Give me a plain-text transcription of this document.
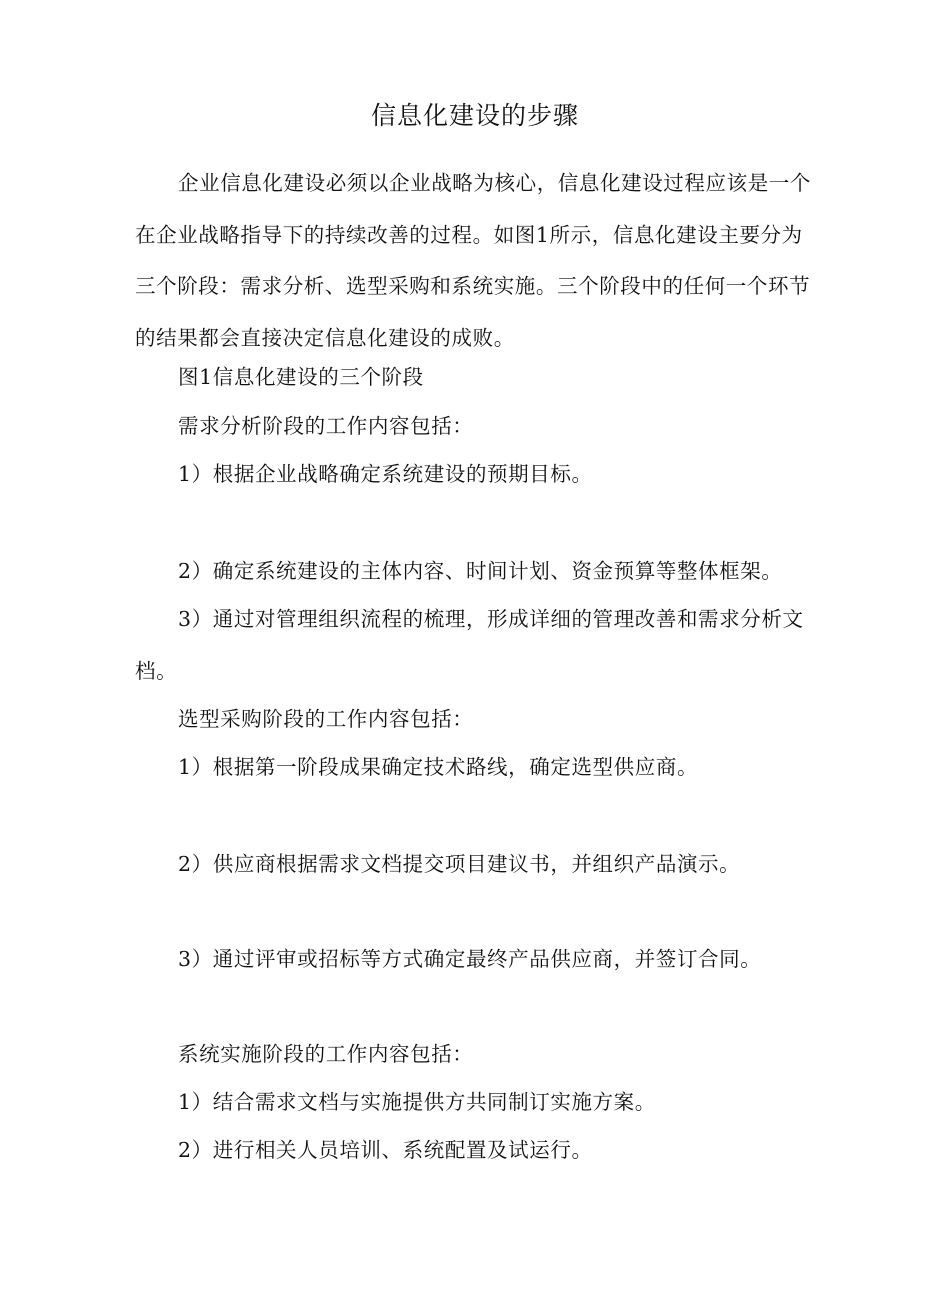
信息化建设的步骤

企业信息化建设必须以企业战略为核心，信息化建设过程应该是一个在企业战略指导下的持续改善的过程。如图1所示，信息化建设主要分为三个阶段：需求分析、选型采购和系统实施。三个阶段中的任何一个环节的结果都会直接决定信息化建设的成败。

图1信息化建设的三个阶段

需求分析阶段的工作内容包括：

1）根据企业战略确定系统建设的预期目标。

2）确定系统建设的主体内容、时间计划、资金预算等整体框架。

3）通过对管理组织流程的梳理，形成详细的管理改善和需求分析文档。

选型采购阶段的工作内容包括：

1）根据第一阶段成果确定技术路线，确定选型供应商。

2）供应商根据需求文档提交项目建议书，并组织产品演示。

3）通过评审或招标等方式确定最终产品供应商，并签订合同。

系统实施阶段的工作内容包括：

1）结合需求文档与实施提供方共同制订实施方案。

2）进行相关人员培训、系统配置及试运行。
